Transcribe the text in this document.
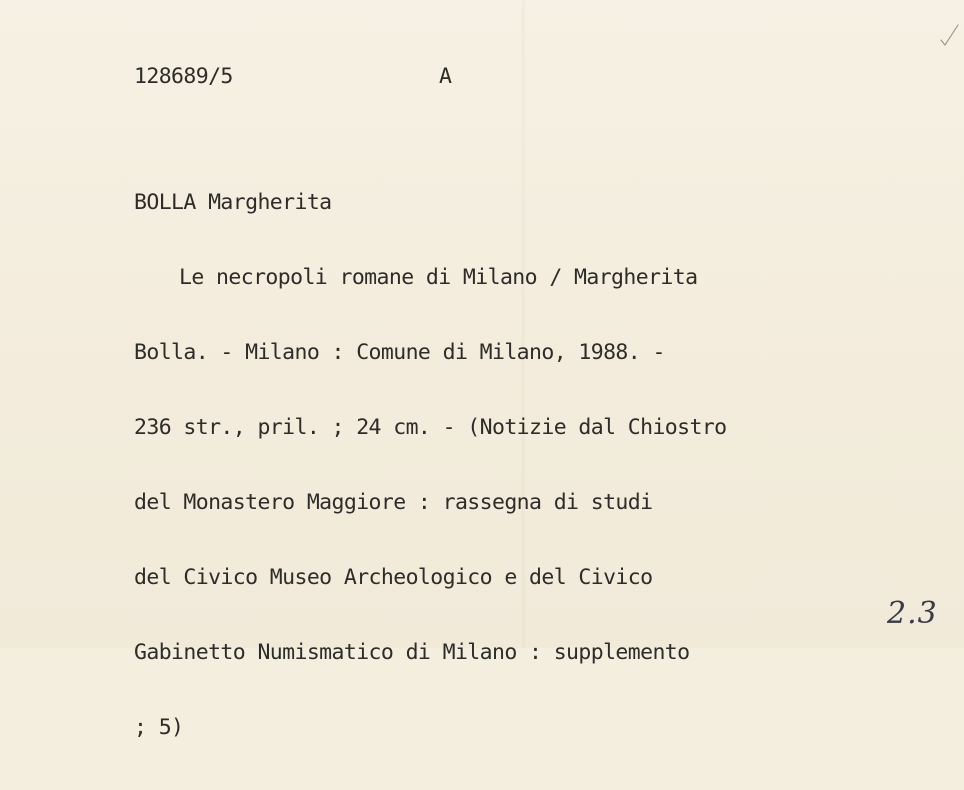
128689/5	A

BOLLA Margherita

Le necropoli romane di Milano / Margherita

Bolla. - Milano : Comune di Milano, 1988. -

236 str., pril. ; 24 cm. - (Notizie dal Chiostro

del Monastero Maggiore : rassegna di studi

del Civico Museo Archeologico e del Civico

Gabinetto Numismatico di Milano : supplemento

; 5)

2.3
